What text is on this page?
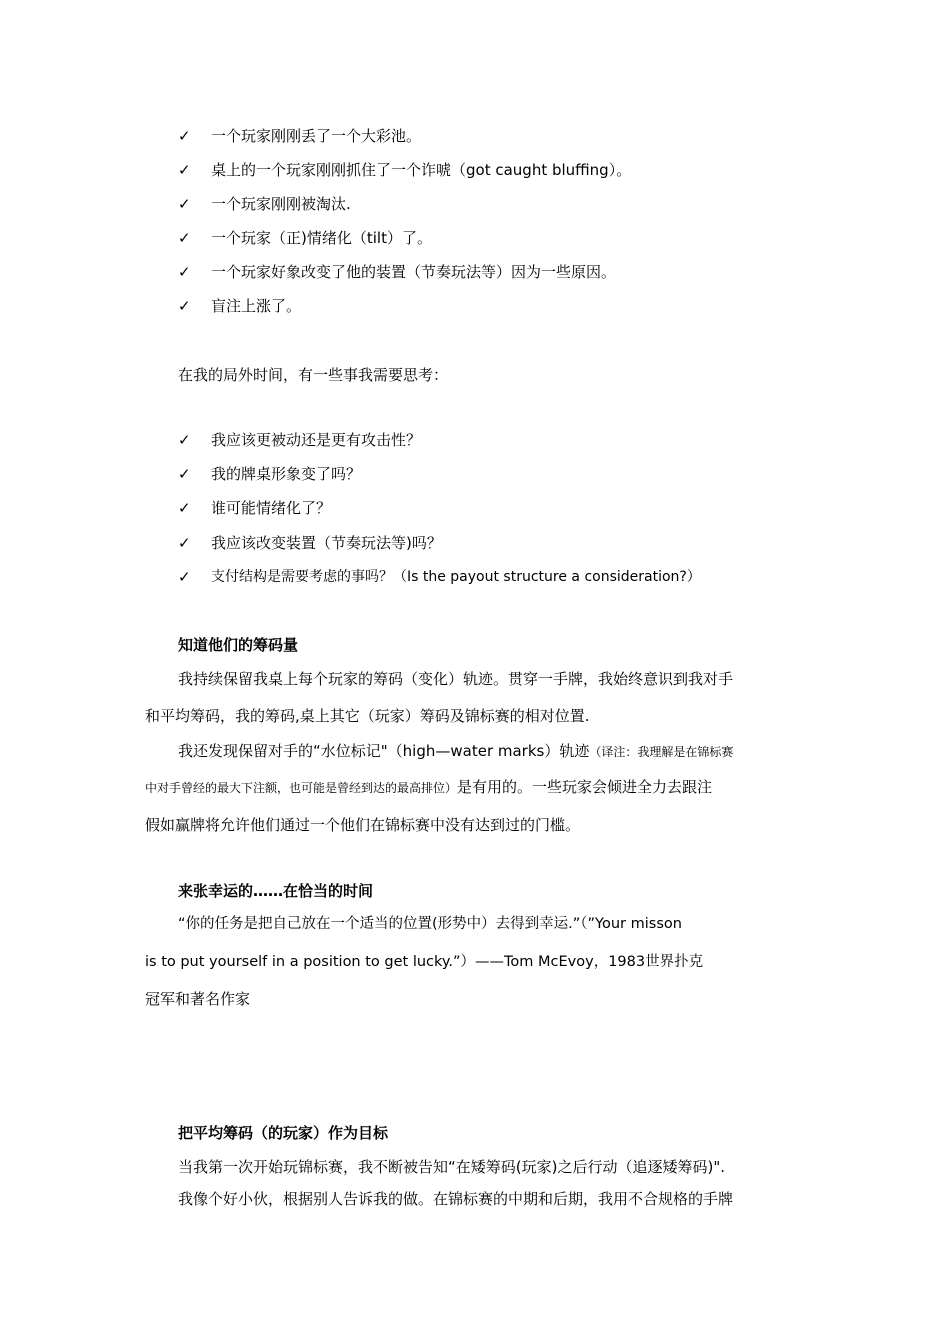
✓ 一个玩家刚刚丢了一个大彩池。
✓ 桌上的一个玩家刚刚抓住了一个诈唬（got caught bluffing）。
✓ 一个玩家刚刚被淘汰.
✓ 一个玩家（正)情绪化（tilt）了。
✓ 一个玩家好象改变了他的装置（节奏玩法等）因为一些原因。
✓ 盲注上涨了。
在我的局外时间，有一些事我需要思考：
✓ 我应该更被动还是更有攻击性？
✓ 我的牌桌形象变了吗？
✓ 谁可能情绪化了？
✓ 我应该改变装置（节奏玩法等)吗？
✓ 支付结构是需要考虑的事吗？（Is the payout structure a consideration?）
知道他们的筹码量
我持续保留我桌上每个玩家的筹码（变化）轨迹。贯穿一手牌，我始终意识到我对手
和平均筹码，我的筹码,桌上其它（玩家）筹码及锦标赛的相对位置.
我还发现保留对手的“水位标记"（high—water marks）轨迹（译注：我理解是在锦标赛
中对手曾经的最大下注额，也可能是曾经到达的最高排位）是有用的。一些玩家会倾进全力去跟注
假如赢牌将允许他们通过一个他们在锦标赛中没有达到过的门槛。
来张幸运的……在恰当的时间
“你的任务是把自己放在一个适当的位置(形势中）去得到幸运.”（”Your misson
is to put yourself in a position to get lucky.”）——Tom McEvoy，1983世界扑克
冠军和著名作家
把平均筹码（的玩家）作为目标
当我第一次开始玩锦标赛，我不断被告知“在矮筹码(玩家)之后行动（追逐矮筹码)".
我像个好小伙，根据别人告诉我的做。在锦标赛的中期和后期，我用不合规格的手牌
